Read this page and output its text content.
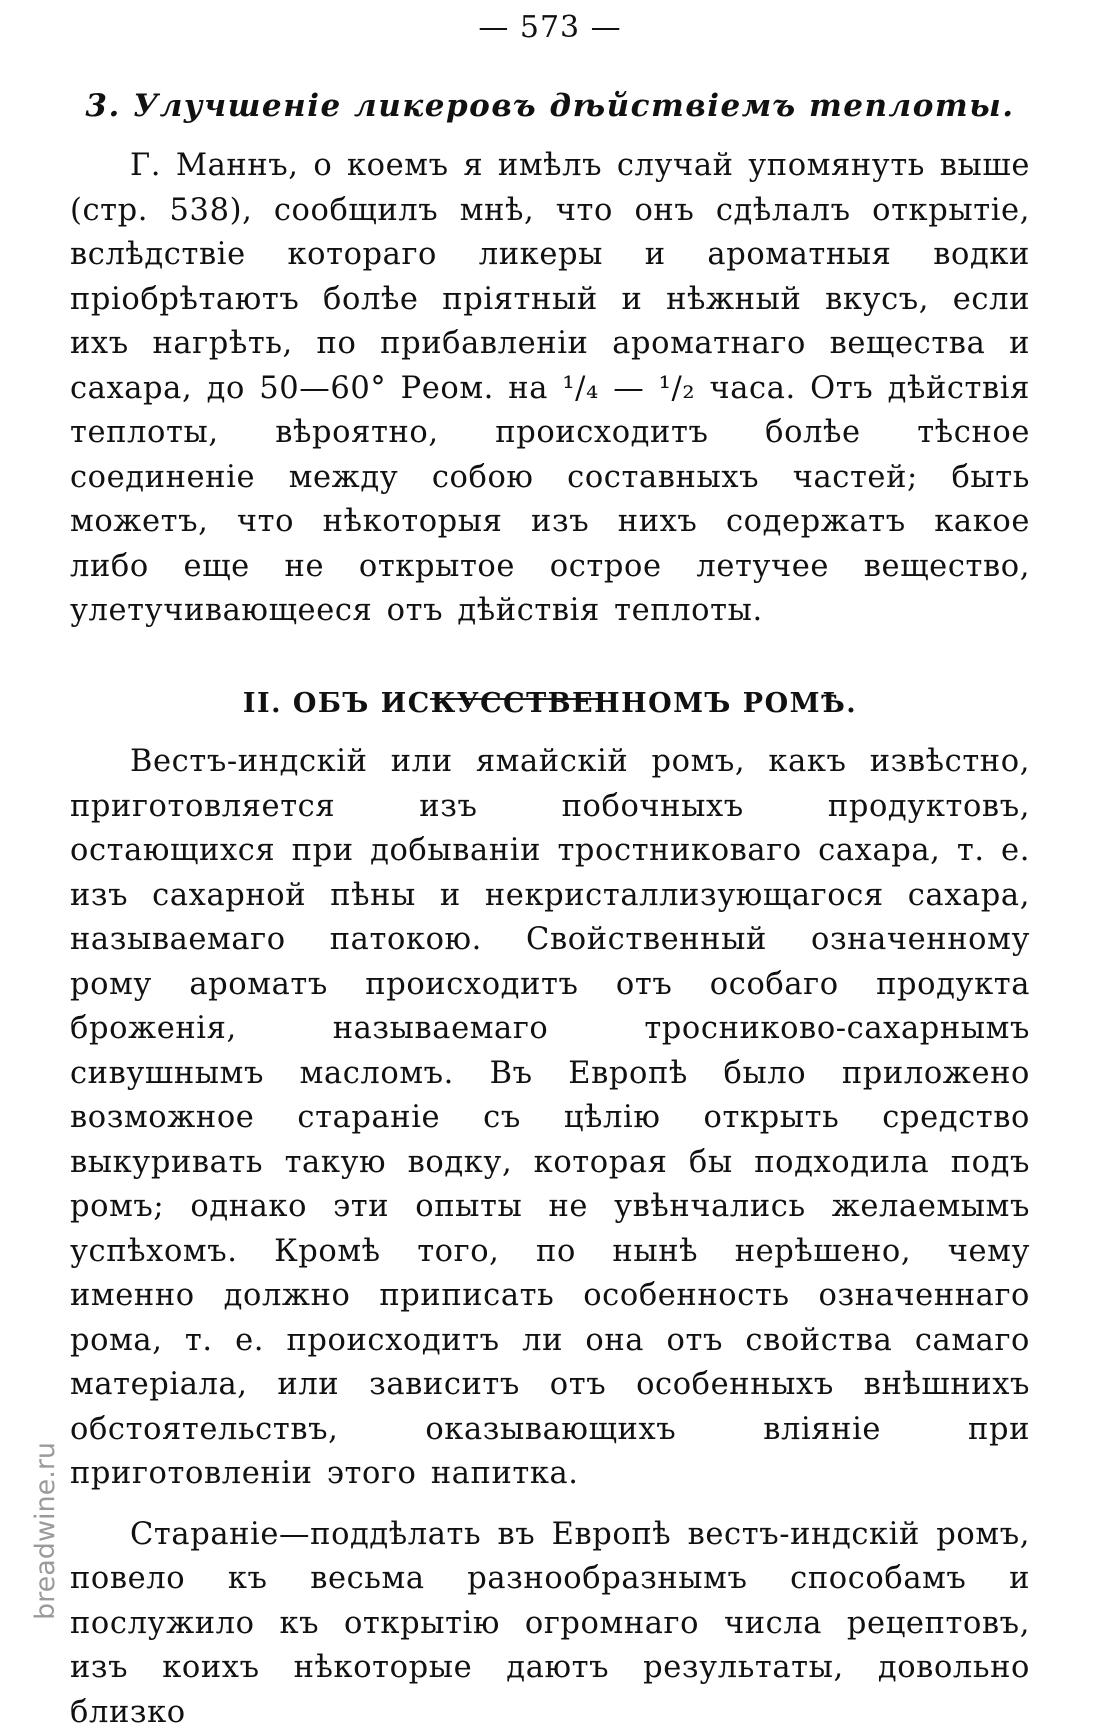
— 573 —
3. Улучшеніе ликеровъ дѣйствіемъ теплоты.

Г. Маннъ, о коемъ я имѣлъ случай упомянуть выше (стр. 538), сообщилъ мнѣ, что онъ сдѣлалъ открытіе, вслѣдствіе котораго ликеры и ароматныя водки пріобрѣтаютъ болѣе пріятный и нѣжный вкусъ, если ихъ нагрѣть, по прибавленіи ароматнаго вещества и сахара, до 50—60° Реом. на ¹/₄ — ¹/₂ часа. Отъ дѣйствія теплоты, вѣроятно, происходитъ болѣе тѣсное соединеніе между собою составныхъ частей; быть можетъ, что нѣкоторыя изъ нихъ содержатъ какое либо еще не открытое острое летучее вещество, улетучивающееся отъ дѣйствія теплоты.

II. ОБЪ ИСКУССТВЕННОМЪ РОМѢ.

Вестъ-индскій или ямайскій ромъ, какъ извѣстно, приготовляется изъ побочныхъ продуктовъ, остающихся при добываніи тростниковаго сахара, т. е. изъ сахарной пѣны и некристаллизующагося сахара, называемаго патокою. Свойственный означенному рому ароматъ происходитъ отъ особаго продукта броженія, называемаго тросниково-сахарнымъ сивушнымъ масломъ. Въ Европѣ было приложено возможное стараніе съ цѣлію открыть средство выкуривать такую водку, которая бы подходила подъ ромъ; однако эти опыты не увѣнчались желаемымъ успѣхомъ. Кромѣ того, по нынѣ нерѣшено, чему именно должно приписать особенность означеннаго рома, т. е. происходитъ ли она отъ свойства самаго матеріала, или зависитъ отъ особенныхъ внѣшнихъ обстоятельствъ, оказывающихъ вліяніе при приготовленіи этого напитка.

Стараніе—поддѣлать въ Европѣ вестъ-индскій ромъ, повело къ весьма разнообразнымъ способамъ и послужило къ открытію огромнаго числа рецептовъ, изъ коихъ нѣкоторые даютъ результаты, довольно близко

breadwine.ru
